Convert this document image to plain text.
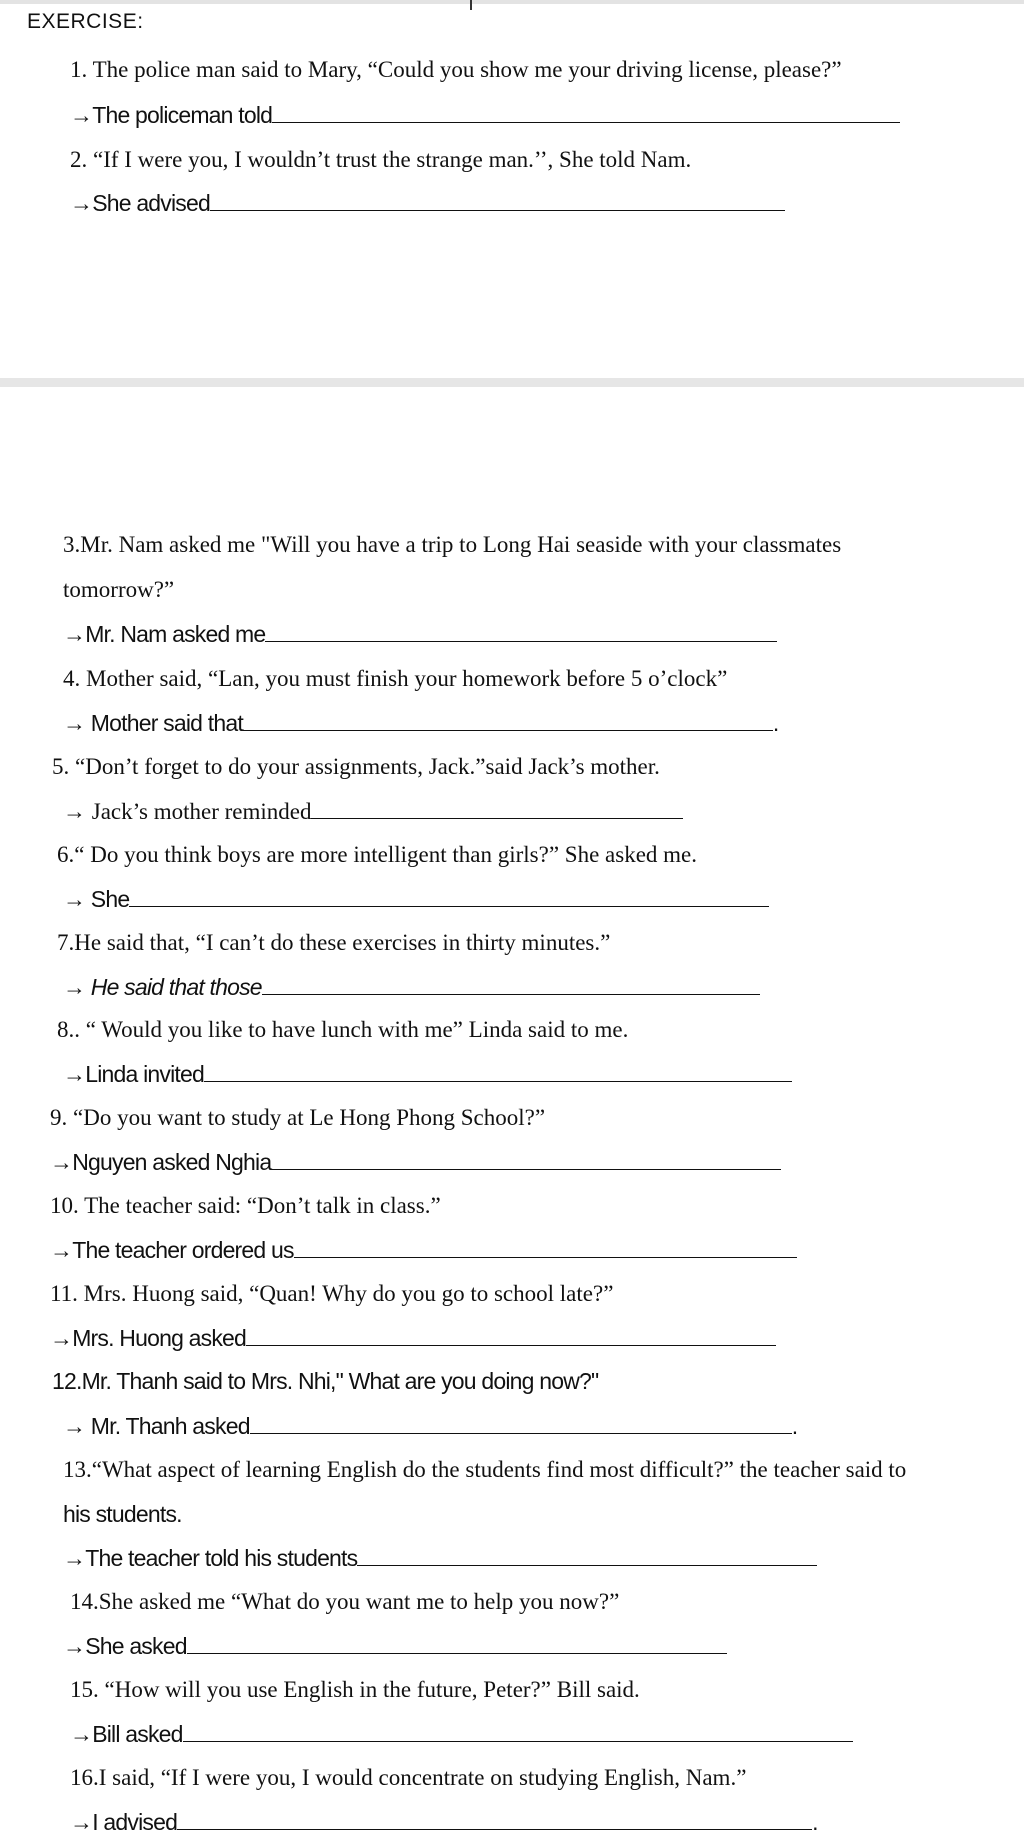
EXERCISE:
1. The police man said to Mary, “Could you show me your driving license, please?”
→The policeman told
2. “If I were you, I wouldn’t trust the strange man.’’, She told Nam.
→She advised
3.Mr. Nam asked me "Will you have a trip to Long Hai seaside with your classmates
tomorrow?”
→Mr. Nam asked me
4. Mother said, “Lan, you must finish your homework before 5 o’clock”
→ Mother said that	.
5. “Don’t forget to do your assignments, Jack.”said Jack’s mother.
→ Jack’s mother reminded
6.“ Do you think boys are more intelligent than girls?” She asked me.
→ She
7.He said that, “I can’t do these exercises in thirty minutes.”
→ He said that those
8.. “ Would you like to have lunch with me” Linda said to me.
→Linda invited
9. “Do you want to study at Le Hong Phong School?”
→Nguyen asked Nghia
10. The teacher said: “Don’t talk in class.”
→The teacher ordered us
11. Mrs. Huong said, “Quan! Why do you go to school late?”
→Mrs. Huong asked
12.Mr. Thanh said to Mrs. Nhi," What are you doing now?"
→ Mr. Thanh asked	.
13.“What aspect of learning English do the students find most difficult?” the teacher said to
his students.
→The teacher told his students
14.She asked me “What do you want me to help you now?”
→She asked
15. “How will you use English in the future, Peter?” Bill said.
→Bill asked
16.I said, “If I were you, I would concentrate on studying English, Nam.”
→I advised	.
